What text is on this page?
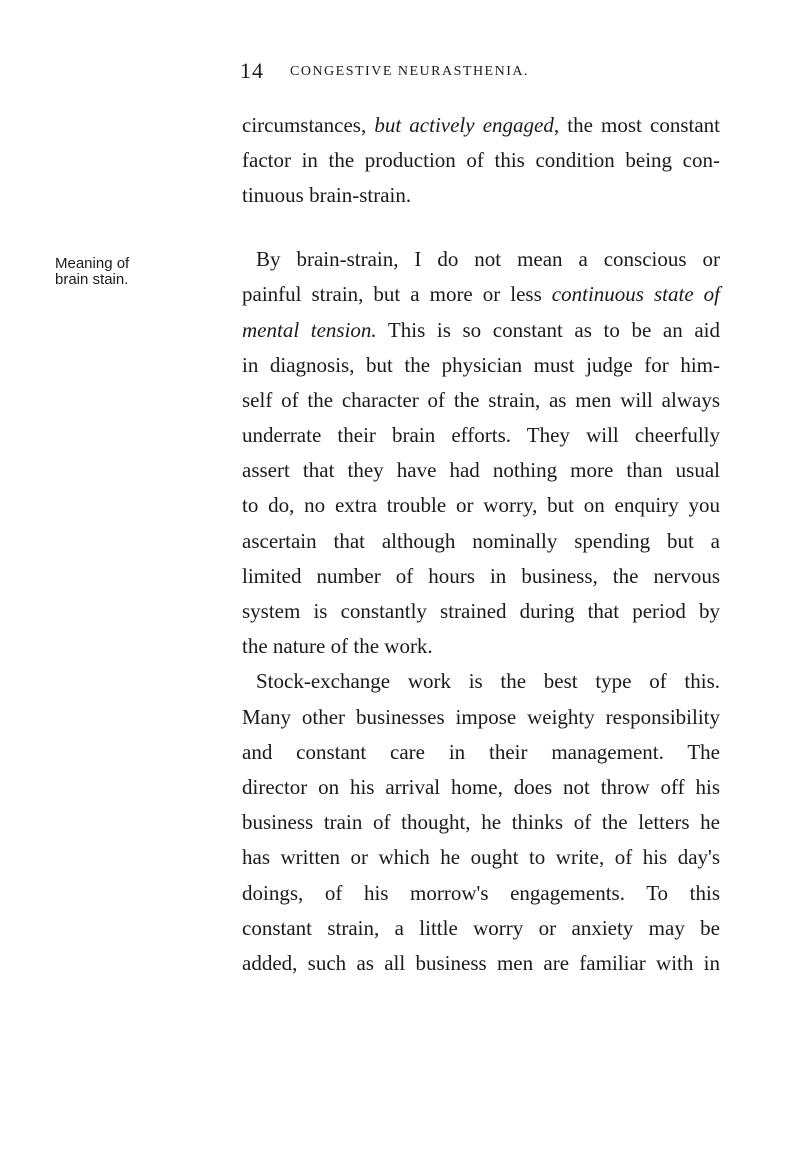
14 CONGESTIVE NEURASTHENIA.
Meaning of
brain stain.
circumstances, but actively engaged, the most constant
factor in the production of this condition being con-
tinuous brain-strain.
By brain-strain, I do not mean a conscious or
painful strain, but a more or less continuous state of
mental tension. This is so constant as to be an aid
in diagnosis, but the physician must judge for him-
self of the character of the strain, as men will always
underrate their brain efforts. They will cheerfully
assert that they have had nothing more than usual
to do, no extra trouble or worry, but on enquiry you
ascertain that although nominally spending but a
limited number of hours in business, the nervous
system is constantly strained during that period by
the nature of the work.
Stock-exchange work is the best type of this.
Many other businesses impose weighty responsibility
and constant care in their management. The
director on his arrival home, does not throw off his
business train of thought, he thinks of the letters he
has written or which he ought to write, of his day's
doings, of his morrow's engagements. To this
constant strain, a little worry or anxiety may be
added, such as all business men are familiar with in
